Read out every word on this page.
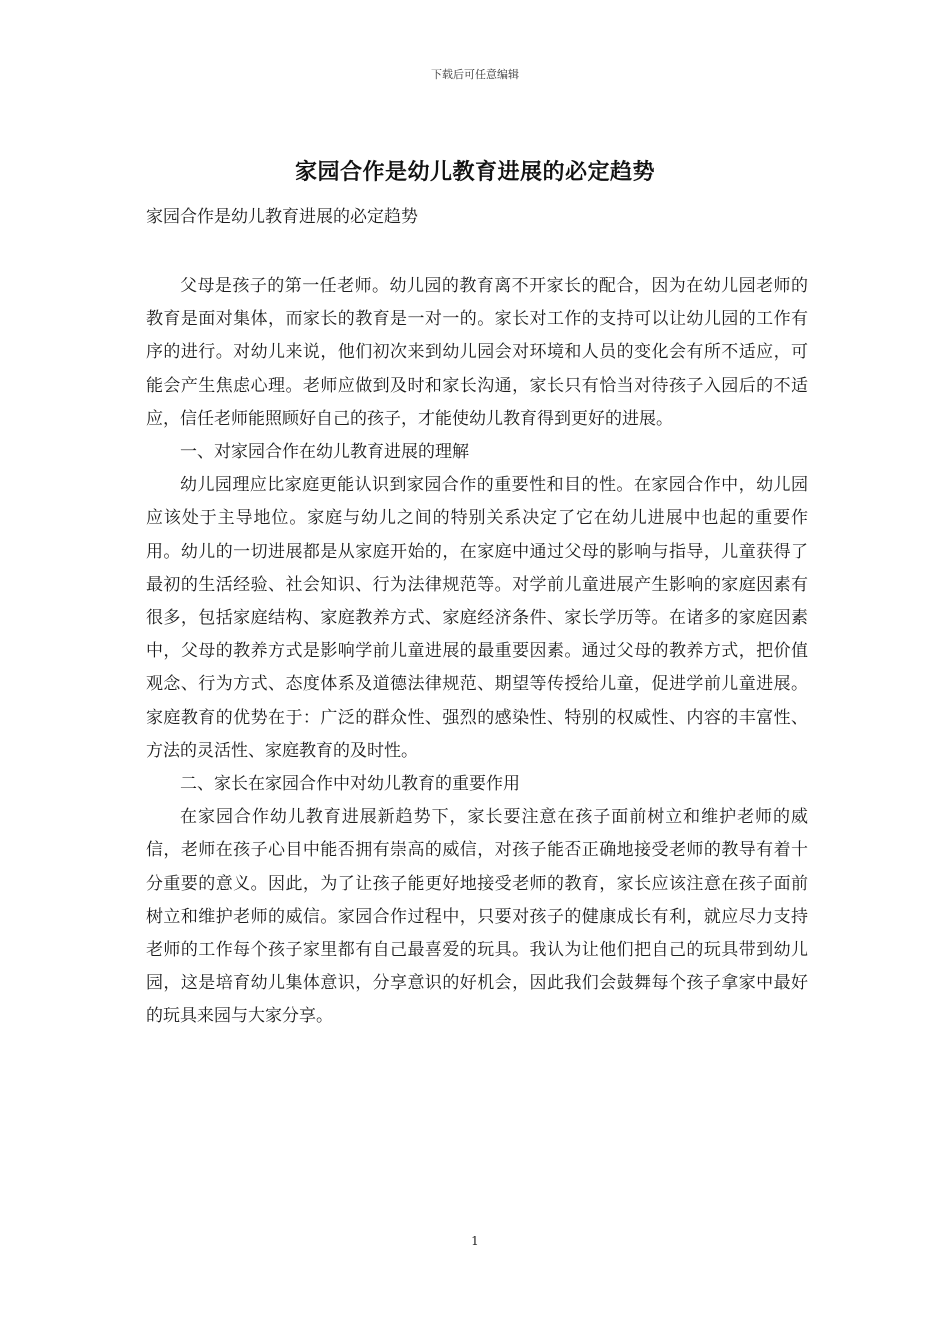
下载后可任意编辑
家园合作是幼儿教育进展的必定趋势
家园合作是幼儿教育进展的必定趋势

父母是孩子的第一任老师。幼儿园的教育离不开家长的配合，因为在幼儿园老师的教育是面对集体，而家长的教育是一对一的。家长对工作的支持可以让幼儿园的工作有序的进行。对幼儿来说，他们初次来到幼儿园会对环境和人员的变化会有所不适应，可能会产生焦虑心理。老师应做到及时和家长沟通，家长只有恰当对待孩子入园后的不适应，信任老师能照顾好自己的孩子，才能使幼儿教育得到更好的进展。

一、对家园合作在幼儿教育进展的理解

幼儿园理应比家庭更能认识到家园合作的重要性和目的性。在家园合作中，幼儿园应该处于主导地位。家庭与幼儿之间的特别关系决定了它在幼儿进展中也起的重要作用。幼儿的一切进展都是从家庭开始的，在家庭中通过父母的影响与指导，儿童获得了最初的生活经验、社会知识、行为法律规范等。对学前儿童进展产生影响的家庭因素有很多，包括家庭结构、家庭教养方式、家庭经济条件、家长学历等。在诸多的家庭因素中，父母的教养方式是影响学前儿童进展的最重要因素。通过父母的教养方式，把价值观念、行为方式、态度体系及道德法律规范、期望等传授给儿童，促进学前儿童进展。家庭教育的优势在于：广泛的群众性、强烈的感染性、特别的权威性、内容的丰富性、方法的灵活性、家庭教育的及时性。

二、家长在家园合作中对幼儿教育的重要作用

在家园合作幼儿教育进展新趋势下，家长要注意在孩子面前树立和维护老师的威信，老师在孩子心目中能否拥有崇高的威信，对孩子能否正确地接受老师的教导有着十分重要的意义。因此，为了让孩子能更好地接受老师的教育，家长应该注意在孩子面前树立和维护老师的威信。家园合作过程中，只要对孩子的健康成长有利，就应尽力支持老师的工作每个孩子家里都有自己最喜爱的玩具。我认为让他们把自己的玩具带到幼儿园，这是培育幼儿集体意识，分享意识的好机会，因此我们会鼓舞每个孩子拿家中最好的玩具来园与大家分享。

1
